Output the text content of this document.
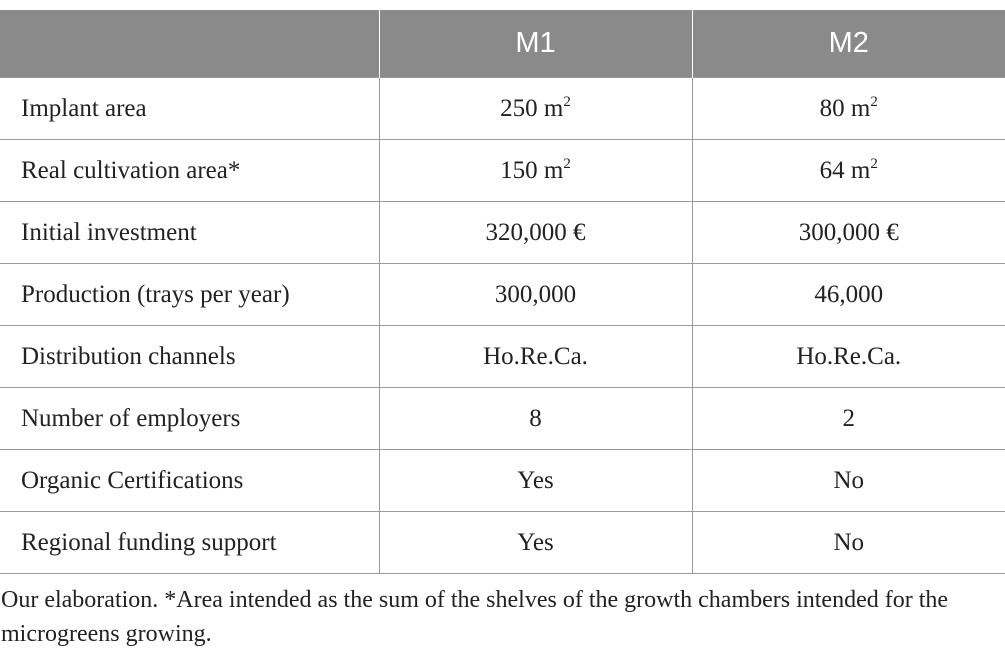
	M1	M2
Implant area	250 $m^2$	80 $m^2$
Real cultivation area*	150 $m^2$	64 $m^2$
Initial investment	320,000 €	300,000 €
Production (trays per year)	300,000	46,000
Distribution channels	Ho.Re.Ca.	Ho.Re.Ca.
Number of employers	8	2
Organic Certifications	Yes	No
Regional funding support	Yes	No
Our elaboration. *Area intended as the sum of the shelves of the growth chambers intended for the microgreens growing.
